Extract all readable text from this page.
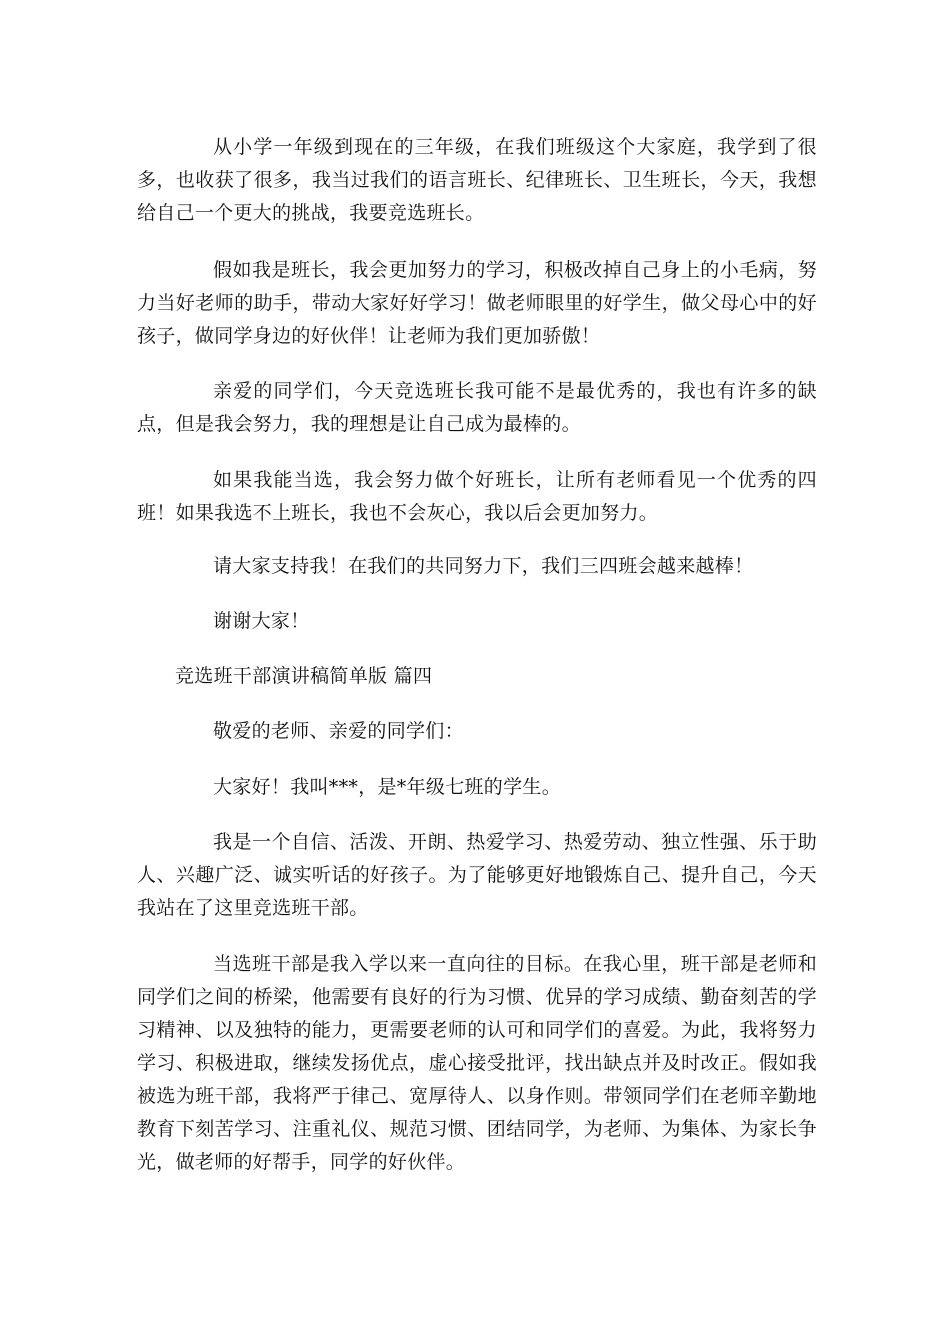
从小学一年级到现在的三年级，在我们班级这个大家庭，我学到了很多，也收获了很多，我当过我们的语言班长、纪律班长、卫生班长，今天，我想给自己一个更大的挑战，我要竞选班长。

假如我是班长，我会更加努力的学习，积极改掉自己身上的小毛病，努力当好老师的助手，带动大家好好学习！做老师眼里的好学生，做父母心中的好孩子，做同学身边的好伙伴！让老师为我们更加骄傲！

亲爱的同学们，今天竞选班长我可能不是最优秀的，我也有许多的缺点，但是我会努力，我的理想是让自己成为最棒的。

如果我能当选，我会努力做个好班长，让所有老师看见一个优秀的四班！如果我选不上班长，我也不会灰心，我以后会更加努力。

请大家支持我！在我们的共同努力下，我们三四班会越来越棒！

谢谢大家！

竞选班干部演讲稿简单版 篇四

敬爱的老师、亲爱的同学们：

大家好！我叫***，是*年级七班的学生。

我是一个自信、活泼、开朗、热爱学习、热爱劳动、独立性强、乐于助人、兴趣广泛、诚实听话的好孩子。为了能够更好地锻炼自己、提升自己，今天我站在了这里竞选班干部。

当选班干部是我入学以来一直向往的目标。在我心里，班干部是老师和同学们之间的桥梁，他需要有良好的行为习惯、优异的学习成绩、勤奋刻苦的学习精神、以及独特的能力，更需要老师的认可和同学们的喜爱。为此，我将努力学习、积极进取，继续发扬优点，虚心接受批评，找出缺点并及时改正。假如我被选为班干部，我将严于律己、宽厚待人、以身作则。带领同学们在老师辛勤地教育下刻苦学习、注重礼仪、规范习惯、团结同学，为老师、为集体、为家长争光，做老师的好帮手，同学的好伙伴。
